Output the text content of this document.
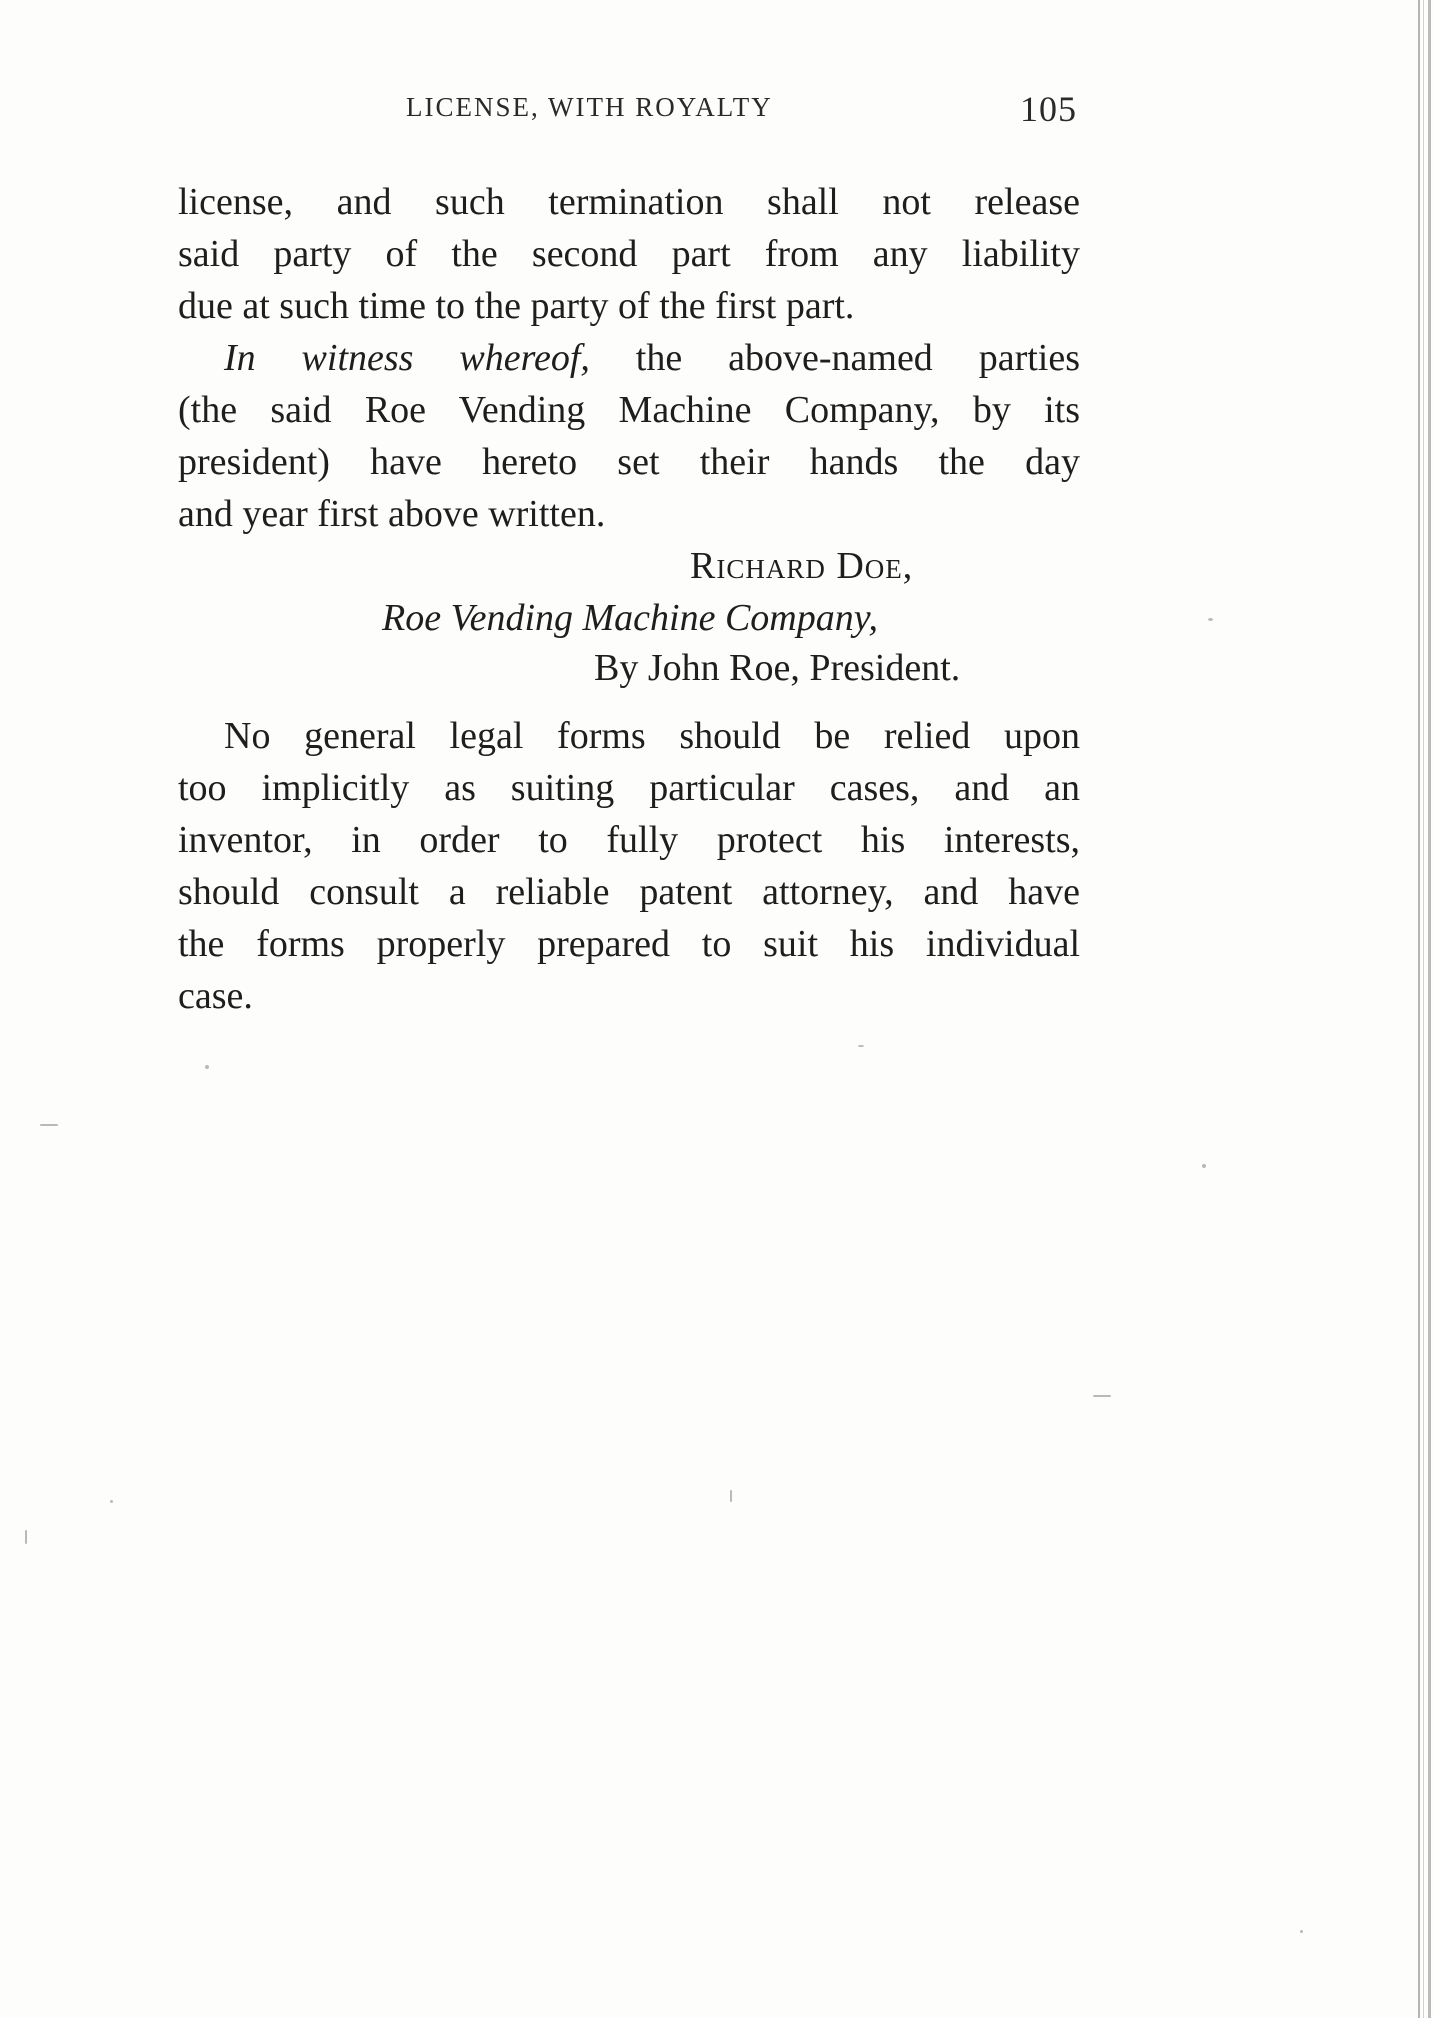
LICENSE, WITH ROYALTY	105
license, and such termination shall not release
said party of the second part from any liability
due at such time to the party of the first part.
In witness whereof, the above-named parties
(the said Roe Vending Machine Company, by its
president) have hereto set their hands the day
and year first above written.
Richard Doe,
Roe Vending Machine Company,
By John Roe, President.
No general legal forms should be relied upon
too implicitly as suiting particular cases, and an
inventor, in order to fully protect his interests,
should consult a reliable patent attorney, and have
the forms properly prepared to suit his individual
case.
